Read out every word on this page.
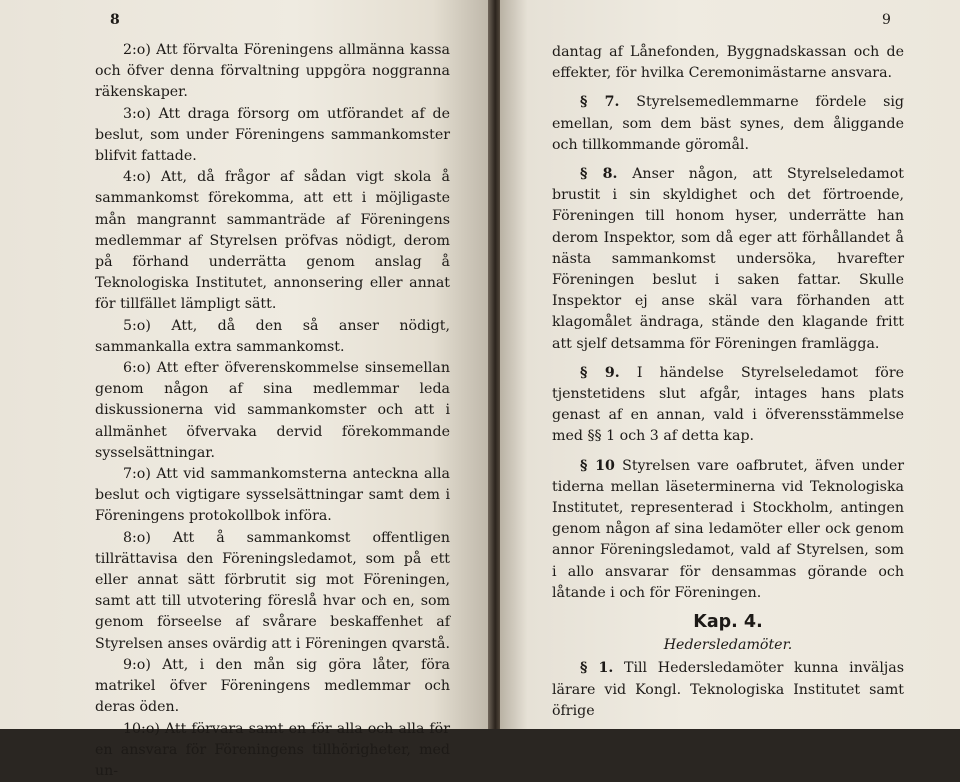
8

2:o) Att förvalta Föreningens allmänna kassa och öfver denna förvaltning uppgöra noggranna räkenskaper.

3:o) Att draga försorg om utförandet af de beslut, som under Föreningens sammankomster blifvit fattade.

4:o) Att, då frågor af sådan vigt skola å sammankomst förekomma, att ett i möjligaste mån mangrannt sammanträde af Föreningens medlemmar af Styrelsen pröfvas nödigt, derom på förhand underrätta genom anslag å Teknologiska Institutet, annonsering eller annat för tillfället lämpligt sätt.

5:o) Att, då den så anser nödigt, sammankalla extra sammankomst.

6:o) Att efter öfverenskommelse sinsemellan genom någon af sina medlemmar leda diskussionerna vid sammankomster och att i allmänhet öfvervaka dervid förekommande sysselsättningar.

7:o) Att vid sammankomsterna anteckna alla beslut och vigtigare sysselsättningar samt dem i Föreningens protokollbok införa.

8:o) Att å sammankomst offentligen tillrättavisa den Föreningsledamot, som på ett eller annat sätt förbrutit sig mot Föreningen, samt att till utvotering föreslå hvar och en, som genom förseelse af svårare beskaffenhet af Styrelsen anses ovärdig att i Föreningen qvarstå.

9:o) Att, i den mån sig göra låter, föra matrikel öfver Föreningens medlemmar och deras öden.

10:o) Att förvara samt en för alla och alla för en ansvara för Föreningens tillhörigheter, med un-

9

dantag af Lånefonden, Byggnadskassan och de effekter, för hvilka Ceremonimästarne ansvara.

§ 7. Styrelsemedlemmarne fördele sig emellan, som dem bäst synes, dem åliggande och tillkommande göromål.

§ 8. Anser någon, att Styrelseledamot brustit i sin skyldighet och det förtroende, Föreningen till honom hyser, underrätte han derom Inspektor, som då eger att förhållandet å nästa sammankomst undersöka, hvarefter Föreningen beslut i saken fattar. Skulle Inspektor ej anse skäl vara förhanden att klagomålet ändraga, stände den klagande fritt att sjelf detsamma för Föreningen framlägga.

§ 9. I händelse Styrelseledamot före tjenstetidens slut afgår, intages hans plats genast af en annan, vald i öfverensstämmelse med §§ 1 och 3 af detta kap.

§ 10 Styrelsen vare oafbrutet, äfven under tiderna mellan läseterminerna vid Teknologiska Institutet, representerad i Stockholm, antingen genom någon af sina ledamöter eller ock genom annor Föreningsledamot, vald af Styrelsen, som i allo ansvarar för densammas görande och låtande i och för Föreningen.

Kap. 4.
Hedersledamöter.

§ 1. Till Hedersledamöter kunna inväljas lärare vid Kongl. Teknologiska Institutet samt öfrige
